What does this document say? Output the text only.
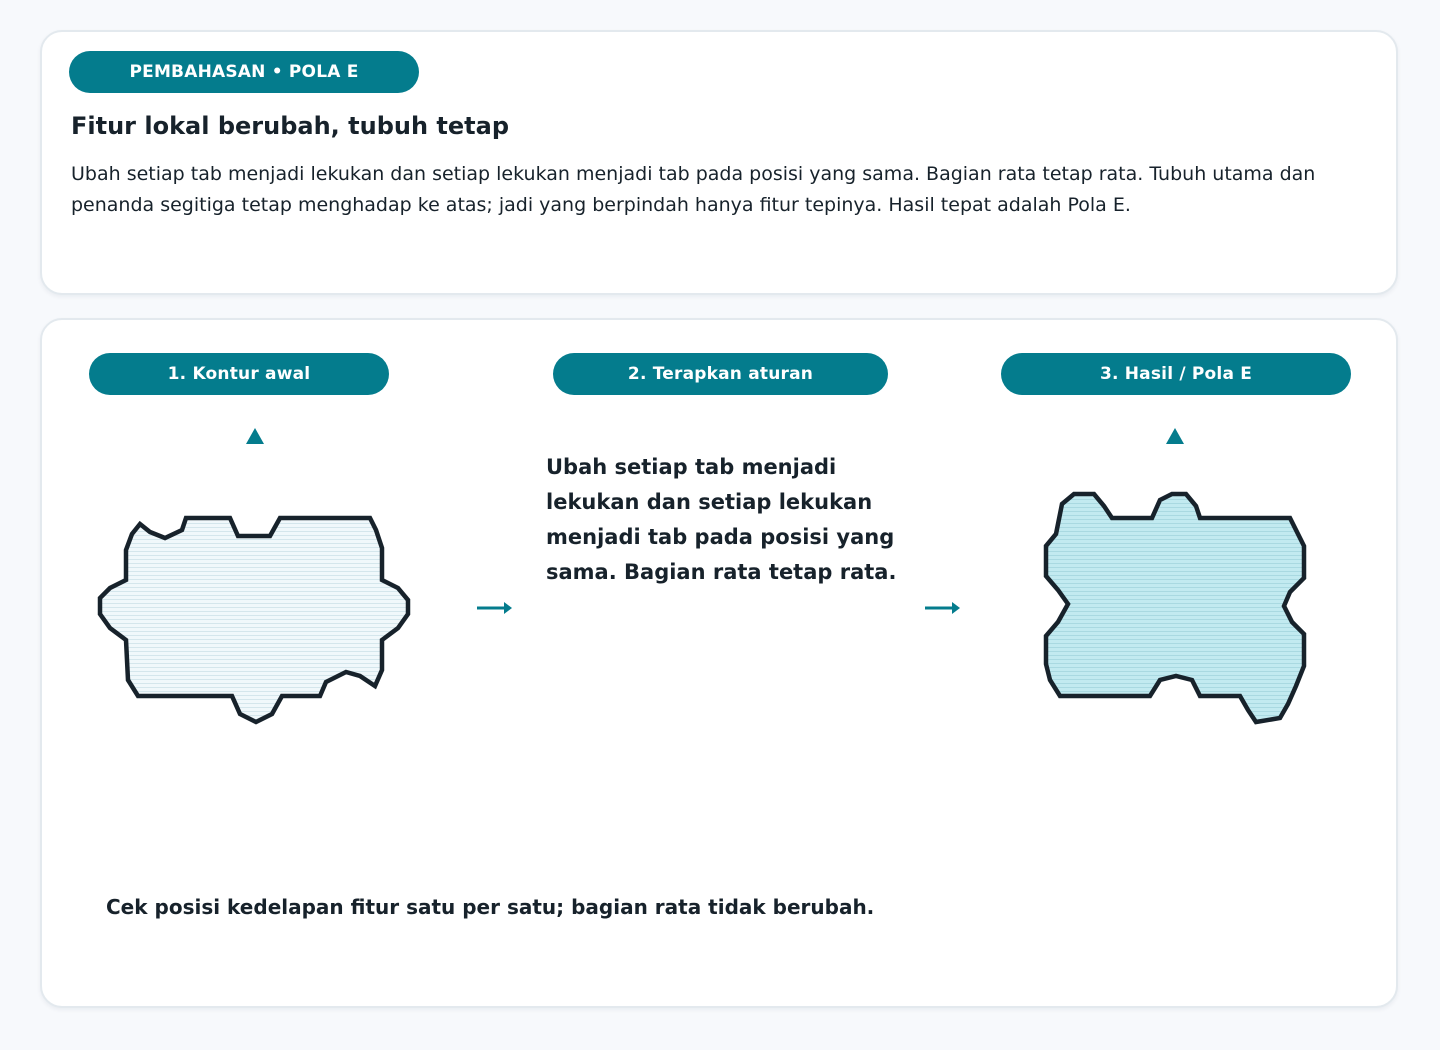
PEMBAHASAN • POLA E
Fitur lokal berubah, tubuh tetap

Ubah setiap tab menjadi lekukan dan setiap lekukan menjadi tab pada posisi yang sama. Bagian rata tetap rata. Tubuh utama dan penanda segitiga tetap menghadap ke atas; jadi yang berpindah hanya fitur tepinya. Hasil tepat adalah Pola E.

1. Kontur awal	2. Terapkan aturan	3. Hasil / Pola E

Ubah setiap tab menjadi lekukan dan setiap lekukan menjadi tab pada posisi yang sama. Bagian rata tetap rata.

Cek posisi kedelapan fitur satu per satu; bagian rata tidak berubah.
